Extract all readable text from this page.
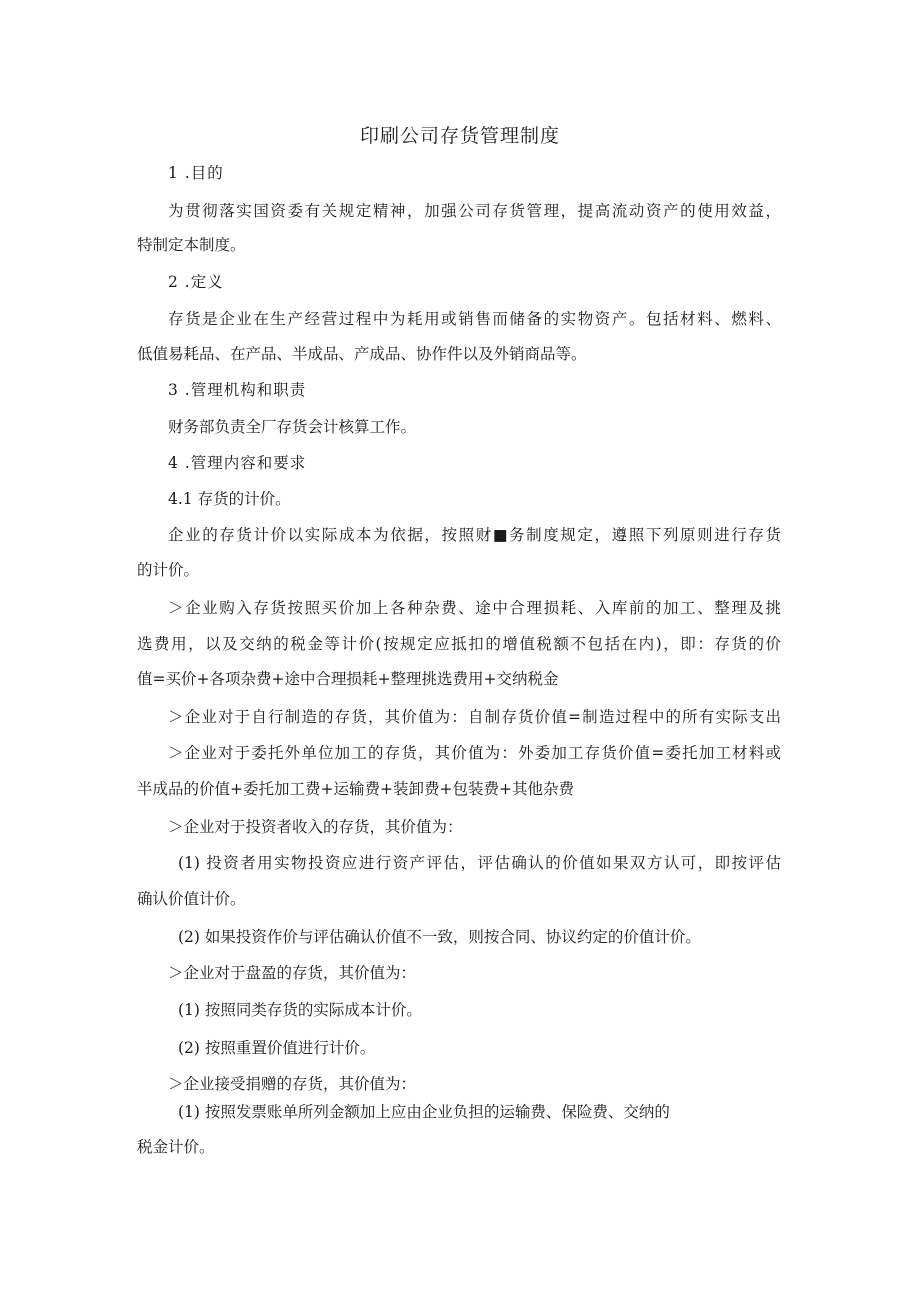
印刷公司存货管理制度
1 .目的
为贯彻落实国资委有关规定精神，加强公司存货管理，提高流动资产的使用效益，
特制定本制度。
2 .定义
存货是企业在生产经营过程中为耗用或销售而储备的实物资产。包括材料、燃料、
低值易耗品、在产品、半成品、产成品、协作件以及外销商品等。
3 .管理机构和职责
财务部负责全厂存货会计核算工作。
4 .管理内容和要求
4.1 存货的计价。
企业的存货计价以实际成本为依据，按照财■务制度规定，遵照下列原则进行存货
的计价。
＞企业购入存货按照买价加上各种杂费、途中合理损耗、入库前的加工、整理及挑
选费用，以及交纳的税金等计价(按规定应抵扣的增值税额不包括在内)，即：存货的价
值=买价+各项杂费+途中合理损耗+整理挑选费用+交纳税金
＞企业对于自行制造的存货，其价值为：自制存货价值=制造过程中的所有实际支出
＞企业对于委托外单位加工的存货，其价值为：外委加工存货价值=委托加工材料或
半成品的价值+委托加工费+运输费+装卸费+包装费+其他杂费
＞企业对于投资者收入的存货，其价值为：
(1) 投资者用实物投资应进行资产评估，评估确认的价值如果双方认可，即按评估
确认价值计价。
(2) 如果投资作价与评估确认价值不一致，则按合同、协议约定的价值计价。
＞企业对于盘盈的存货，其价值为：
(1) 按照同类存货的实际成本计价。
(2) 按照重置价值进行计价。
＞企业接受捐赠的存货，其价值为：
(1) 按照发票账单所列金额加上应由企业负担的运输费、保险费、交纳的
税金计价。
